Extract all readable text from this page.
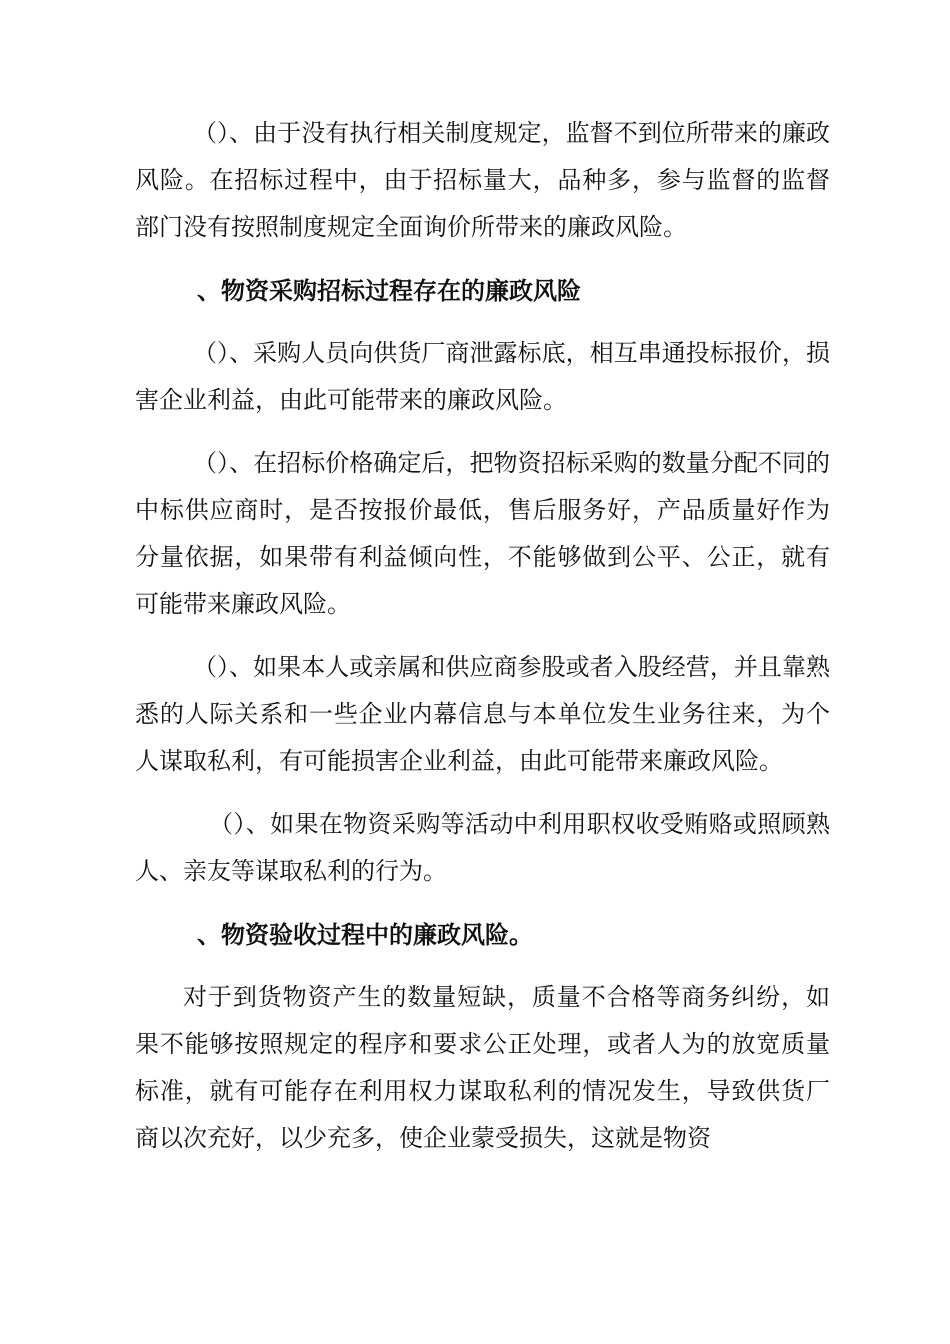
（）、由于没有执行相关制度规定，监督不到位所带来的廉政风险。在招标过程中，由于招标量大，品种多，参与监督的监督部门没有按照制度规定全面询价所带来的廉政风险。

、物资采购招标过程存在的廉政风险

（）、采购人员向供货厂商泄露标底，相互串通投标报价，损害企业利益，由此可能带来的廉政风险。

（）、在招标价格确定后，把物资招标采购的数量分配不同的中标供应商时，是否按报价最低，售后服务好，产品质量好作为分量依据，如果带有利益倾向性，不能够做到公平、公正，就有可能带来廉政风险。

（）、如果本人或亲属和供应商参股或者入股经营，并且靠熟悉的人际关系和一些企业内幕信息与本单位发生业务往来，为个人谋取私利，有可能损害企业利益，由此可能带来廉政风险。

（）、如果在物资采购等活动中利用职权收受贿赂或照顾熟人、亲友等谋取私利的行为。

、物资验收过程中的廉政风险。

对于到货物资产生的数量短缺，质量不合格等商务纠纷，如果不能够按照规定的程序和要求公正处理，或者人为的放宽质量标准，就有可能存在利用权力谋取私利的情况发生，导致供货厂商以次充好，以少充多，使企业蒙受损失，这就是物资
